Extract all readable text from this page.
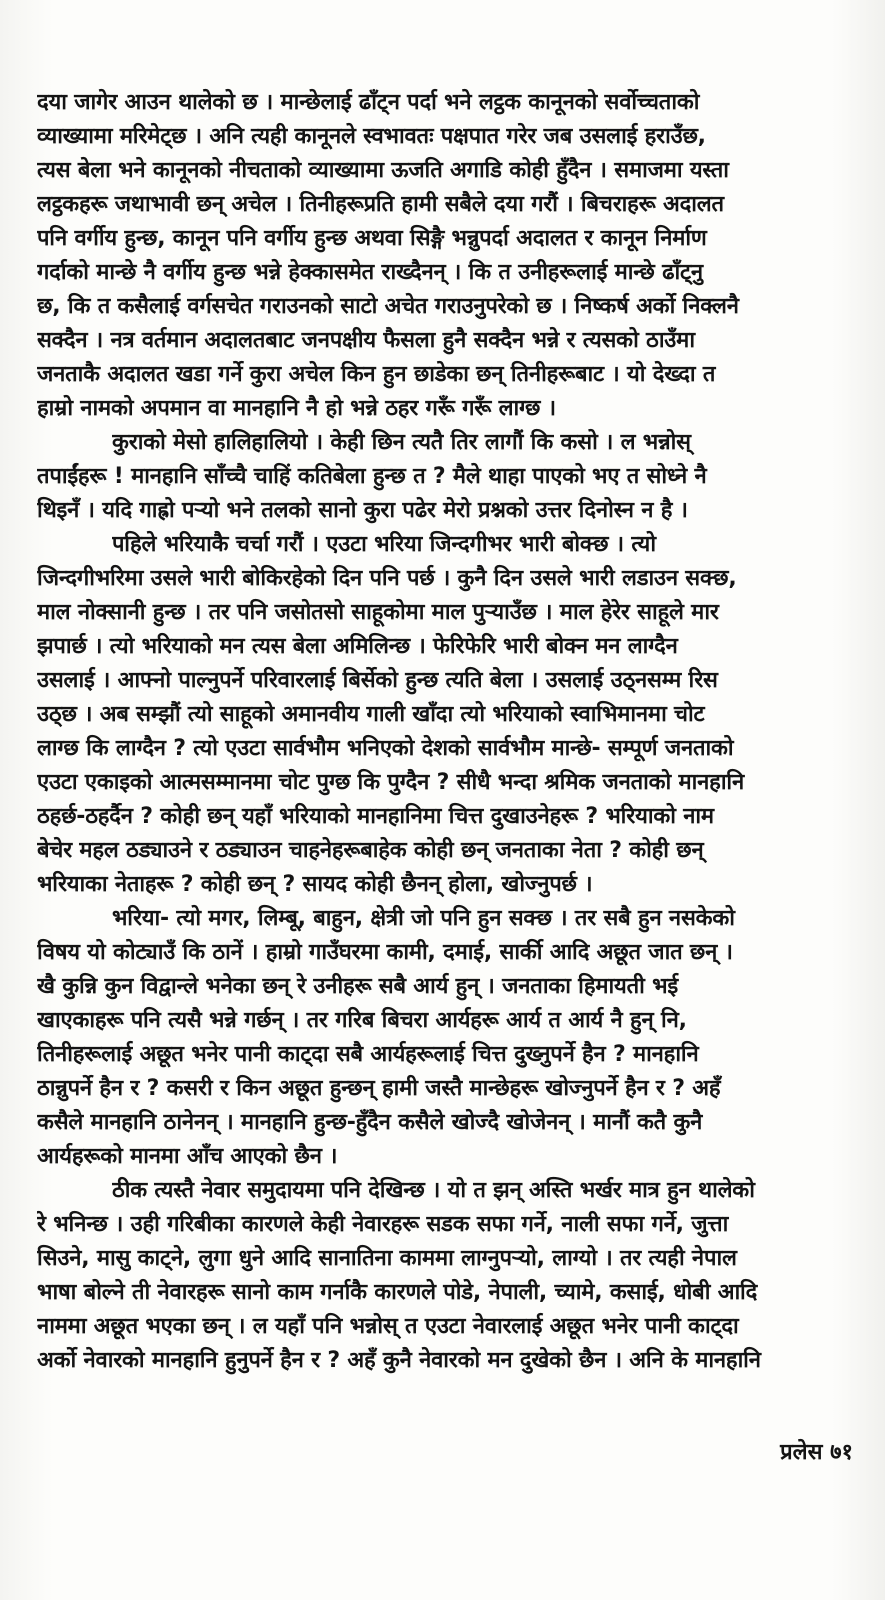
दया जागेर आउन थालेको छ । मान्छेलाई ढाँट्न पर्दा भने लट्ठक कानूनको सर्वोच्चताको
व्याख्यामा मरिमेट्छ । अनि त्यही कानूनले स्वभावतः पक्षपात गरेर जब उसलाई हराउँछ,
त्यस बेला भने कानूनको नीचताको व्याख्यामा ऊजति अगाडि कोही हुँदैन । समाजमा यस्ता
लट्ठकहरू जथाभावी छन् अचेल । तिनीहरूप्रति हामी सबैले दया गरौं । बिचराहरू अदालत
पनि वर्गीय हुन्छ, कानून पनि वर्गीय हुन्छ अथवा सिङ्गै भन्नुपर्दा अदालत र कानून निर्माण
गर्दाको मान्छे नै वर्गीय हुन्छ भन्ने हेक्कासमेत राख्दैनन् । कि त उनीहरूलाई मान्छे ढाँट्नु
छ, कि त कसैलाई वर्गसचेत गराउनको साटो अचेत गराउनुपरेको छ । निष्कर्ष अर्को निक्लनै
सक्दैन । नत्र वर्तमान अदालतबाट जनपक्षीय फैसला हुनै सक्दैन भन्ने र त्यसको ठाउँमा
जनताकै अदालत खडा गर्ने कुरा अचेल किन हुन छाडेका छन् तिनीहरूबाट । यो देख्दा त
हाम्रो नामको अपमान वा मानहानि नै हो भन्ने ठहर गरूँ गरूँ लाग्छ ।
कुराको मेसो हालिहालियो । केही छिन त्यतै तिर लागौं कि कसो । ल भन्नोस्
तपाईंहरू ! मानहानि साँच्चै चाहिं कतिबेला हुन्छ त ? मैले थाहा पाएको भए त सोध्ने नै
थिइनँ । यदि गाह्रो पर्‍यो भने तलको सानो कुरा पढेर मेरो प्रश्नको उत्तर दिनोस्न न है ।
पहिले भरियाकै चर्चा गरौं । एउटा भरिया जिन्दगीभर भारी बोक्छ । त्यो
जिन्दगीभरिमा उसले भारी बोकिरहेको दिन पनि पर्छ । कुनै दिन उसले भारी लडाउन सक्छ,
माल नोक्सानी हुन्छ । तर पनि जसोतसो साहूकोमा माल पुर्‍याउँछ । माल हेरेर साहूले मार
झपार्छ । त्यो भरियाको मन त्यस बेला अमिलिन्छ । फेरिफेरि भारी बोक्न मन लाग्दैन
उसलाई । आफ्नो पाल्नुपर्ने परिवारलाई बिर्सेको हुन्छ त्यति बेला । उसलाई उठ्नसम्म रिस
उठ्छ । अब सम्झौं त्यो साहूको अमानवीय गाली खाँदा त्यो भरियाको स्वाभिमानमा चोट
लाग्छ कि लाग्दैन ? त्यो एउटा सार्वभौम भनिएको देशको सार्वभौम मान्छे- सम्पूर्ण जनताको
एउटा एकाइको आत्मसम्मानमा चोट पुग्छ कि पुग्दैन ? सीधै भन्दा श्रमिक जनताको मानहानि
ठहर्छ-ठहर्दैन ? कोही छन् यहाँ भरियाको मानहानिमा चित्त दुखाउनेहरू ? भरियाको नाम
बेचेर महल ठड्याउने र ठड्याउन चाहनेहरूबाहेक कोही छन् जनताका नेता ? कोही छन्
भरियाका नेताहरू ? कोही छन् ? सायद कोही छैनन् होला, खोज्नुपर्छ ।
भरिया- त्यो मगर, लिम्बू, बाहुन, क्षेत्री जो पनि हुन सक्छ । तर सबै हुन नसकेको
विषय यो कोट्याउँ कि ठानें । हाम्रो गाउँघरमा कामी, दमाई, सार्की आदि अछूत जात छन् ।
खै कुन्नि कुन विद्वान्ले भनेका छन् रे उनीहरू सबै आर्य हुन् । जनताका हिमायती भई
खाएकाहरू पनि त्यसै भन्ने गर्छन् । तर गरिब बिचरा आर्यहरू आर्य त आर्य नै हुन् नि,
तिनीहरूलाई अछूत भनेर पानी काट्दा सबै आर्यहरूलाई चित्त दुख्नुपर्ने हैन ? मानहानि
ठान्नुपर्ने हैन र ? कसरी र किन अछूत हुन्छन् हामी जस्तै मान्छेहरू खोज्नुपर्ने हैन र ? अहँ
कसैले मानहानि ठानेनन् । मानहानि हुन्छ-हुँदैन कसैले खोज्दै खोजेनन् । मानौं कतै कुनै
आर्यहरूको मानमा आँच आएको छैन ।
ठीक त्यस्तै नेवार समुदायमा पनि देखिन्छ । यो त झन् अस्ति भर्खर मात्र हुन थालेको
रे भनिन्छ । उही गरिबीका कारणले केही नेवारहरू सडक सफा गर्ने, नाली सफा गर्ने, जुत्ता
सिउने, मासु काट्ने, लुगा धुने आदि सानातिना काममा लाग्नुपर्‍यो, लाग्यो । तर त्यही नेपाल
भाषा बोल्ने ती नेवारहरू सानो काम गर्नाकै कारणले पोडे, नेपाली, च्यामे, कसाई, धोबी आदि
नाममा अछूत भएका छन् । ल यहाँ पनि भन्नोस् त एउटा नेवारलाई अछूत भनेर पानी काट्दा
अर्को नेवारको मानहानि हुनुपर्ने हैन र ? अहँ कुनै नेवारको मन दुखेको छैन । अनि के मानहानि
प्रलेस ७१
